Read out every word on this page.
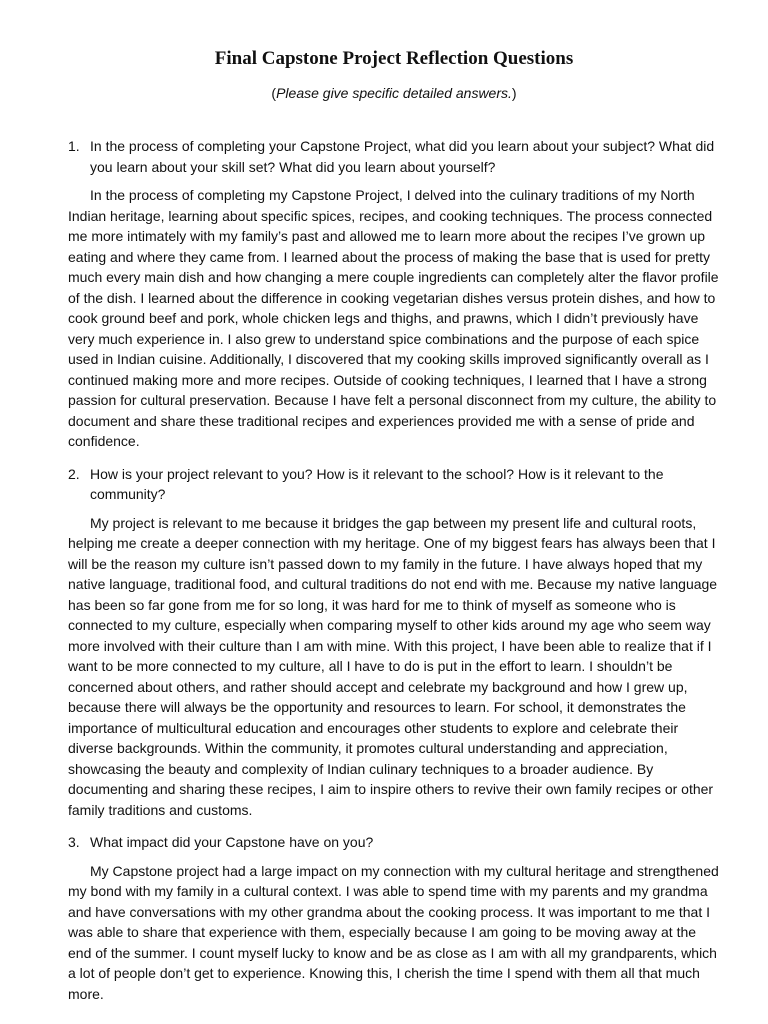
Final Capstone Project Reflection Questions

(Please give specific detailed answers.)

1. In the process of completing your Capstone Project, what did you learn about your subject? What did you learn about your skill set? What did you learn about yourself?

In the process of completing my Capstone Project, I delved into the culinary traditions of my North Indian heritage, learning about specific spices, recipes, and cooking techniques. The process connected me more intimately with my family’s past and allowed me to learn more about the recipes I’ve grown up eating and where they came from. I learned about the process of making the base that is used for pretty much every main dish and how changing a mere couple ingredients can completely alter the flavor profile of the dish. I learned about the difference in cooking vegetarian dishes versus protein dishes, and how to cook ground beef and pork, whole chicken legs and thighs, and prawns, which I didn’t previously have very much experience in. I also grew to understand spice combinations and the purpose of each spice used in Indian cuisine. Additionally, I discovered that my cooking skills improved significantly overall as I continued making more and more recipes. Outside of cooking techniques, I learned that I have a strong passion for cultural preservation. Because I have felt a personal disconnect from my culture, the ability to document and share these traditional recipes and experiences provided me with a sense of pride and confidence.

2. How is your project relevant to you? How is it relevant to the school? How is it relevant to the community?

My project is relevant to me because it bridges the gap between my present life and cultural roots, helping me create a deeper connection with my heritage. One of my biggest fears has always been that I will be the reason my culture isn’t passed down to my family in the future. I have always hoped that my native language, traditional food, and cultural traditions do not end with me. Because my native language has been so far gone from me for so long, it was hard for me to think of myself as someone who is connected to my culture, especially when comparing myself to other kids around my age who seem way more involved with their culture than I am with mine. With this project, I have been able to realize that if I want to be more connected to my culture, all I have to do is put in the effort to learn. I shouldn’t be concerned about others, and rather should accept and celebrate my background and how I grew up, because there will always be the opportunity and resources to learn. For school, it demonstrates the importance of multicultural education and encourages other students to explore and celebrate their diverse backgrounds. Within the community, it promotes cultural understanding and appreciation, showcasing the beauty and complexity of Indian culinary techniques to a broader audience. By documenting and sharing these recipes, I aim to inspire others to revive their own family recipes or other family traditions and customs.

3. What impact did your Capstone have on you?

My Capstone project had a large impact on my connection with my cultural heritage and strengthened my bond with my family in a cultural context. I was able to spend time with my parents and my grandma and have conversations with my other grandma about the cooking process. It was important to me that I was able to share that experience with them, especially because I am going to be moving away at the end of the summer. I count myself lucky to know and be as close as I am with all my grandparents, which a lot of people don’t get to experience. Knowing this, I cherish the time I spend with them all that much more.
